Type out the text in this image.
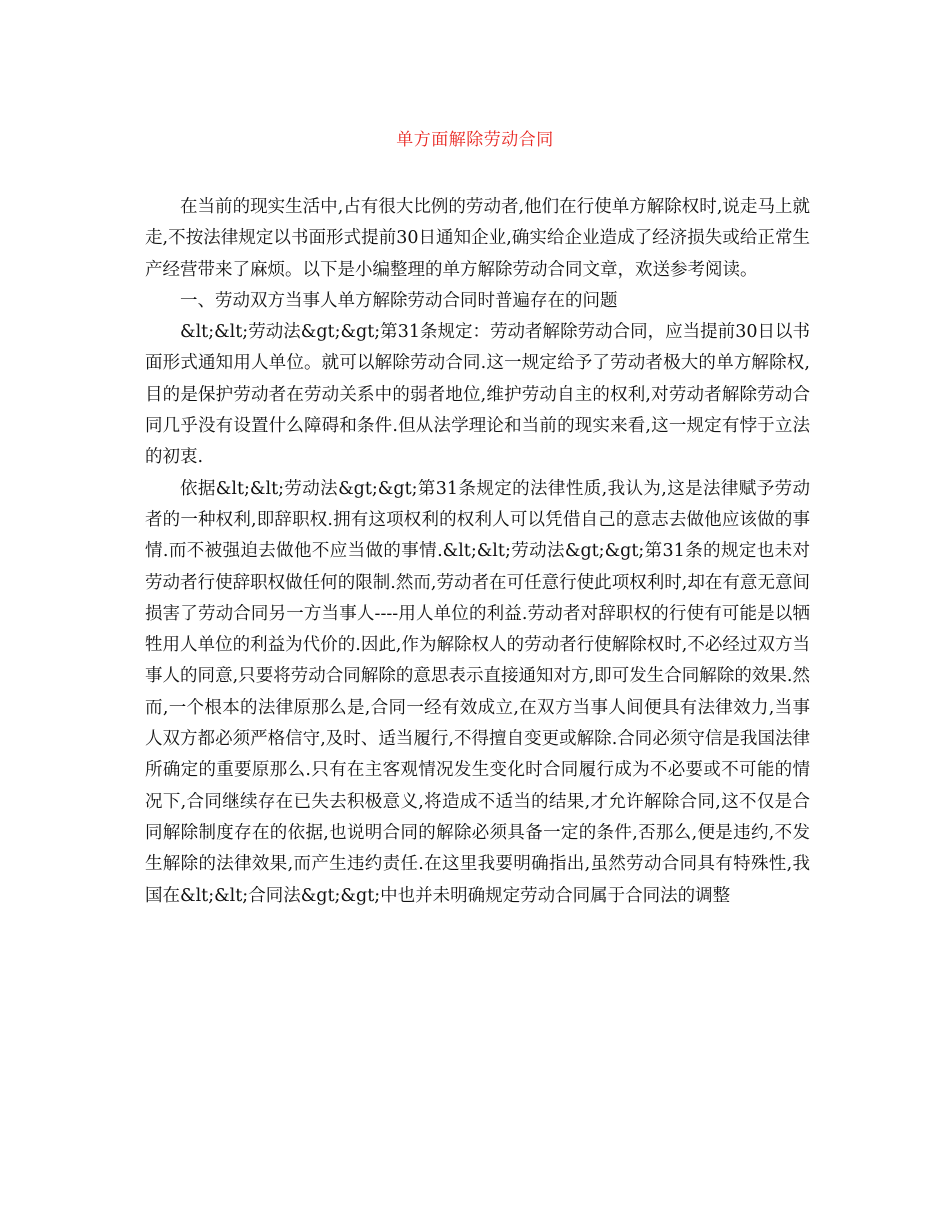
单方面解除劳动合同

在当前的现实生活中,占有很大比例的劳动者,他们在行使单方解除权时,说走马上就走,不按法律规定以书面形式提前30日通知企业,确实给企业造成了经济损失或给正常生产经营带来了麻烦。以下是小编整理的单方解除劳动合同文章，欢送参考阅读。

一、劳动双方当事人单方解除劳动合同时普遍存在的问题

&lt;&lt;劳动法&gt;&gt;第31条规定：劳动者解除劳动合同，应当提前30日以书面形式通知用人单位。就可以解除劳动合同.这一规定给予了劳动者极大的单方解除权,目的是保护劳动者在劳动关系中的弱者地位,维护劳动自主的权利,对劳动者解除劳动合同几乎没有设置什么障碍和条件.但从法学理论和当前的现实来看,这一规定有悖于立法的初衷.

依据&lt;&lt;劳动法&gt;&gt;第31条规定的法律性质,我认为,这是法律赋予劳动者的一种权利,即辞职权.拥有这项权利的权利人可以凭借自己的意志去做他应该做的事情.而不被强迫去做他不应当做的事情.&lt;&lt;劳动法&gt;&gt;第31条的规定也未对劳动者行使辞职权做任何的限制.然而,劳动者在可任意行使此项权利时,却在有意无意间损害了劳动合同另一方当事人----用人单位的利益.劳动者对辞职权的行使有可能是以牺牲用人单位的利益为代价的.因此,作为解除权人的劳动者行使解除权时,不必经过双方当事人的同意,只要将劳动合同解除的意思表示直接通知对方,即可发生合同解除的效果.然而,一个根本的法律原那么是,合同一经有效成立,在双方当事人间便具有法律效力,当事人双方都必须严格信守,及时、适当履行,不得擅自变更或解除.合同必须守信是我国法律所确定的重要原那么.只有在主客观情况发生变化时合同履行成为不必要或不可能的情况下,合同继续存在已失去积极意义,将造成不适当的结果,才允许解除合同,这不仅是合同解除制度存在的依据,也说明合同的解除必须具备一定的条件,否那么,便是违约,不发生解除的法律效果,而产生违约责任.在这里我要明确指出,虽然劳动合同具有特殊性,我国在&lt;&lt;合同法&gt;&gt;中也并未明确规定劳动合同属于合同法的调整
